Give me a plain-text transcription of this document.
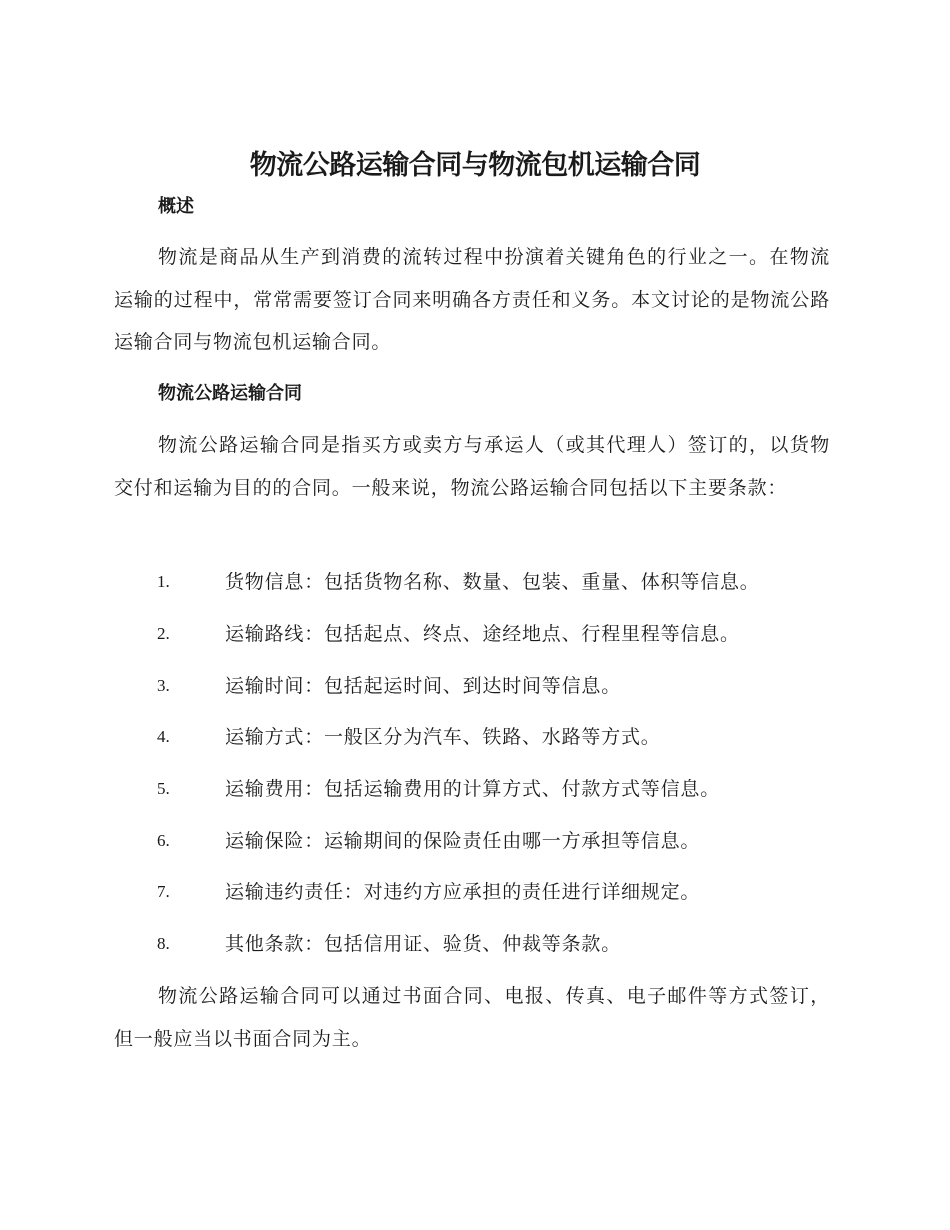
物流公路运输合同与物流包机运输合同
概述

物流是商品从生产到消费的流转过程中扮演着关键角色的行业之一。在物流运输的过程中，常常需要签订合同来明确各方责任和义务。本文讨论的是物流公路运输合同与物流包机运输合同。

物流公路运输合同

物流公路运输合同是指买方或卖方与承运人（或其代理人）签订的，以货物交付和运输为目的的合同。一般来说，物流公路运输合同包括以下主要条款：

1.	货物信息：包括货物名称、数量、包装、重量、体积等信息。
2.	运输路线：包括起点、终点、途经地点、行程里程等信息。
3.	运输时间：包括起运时间、到达时间等信息。
4.	运输方式：一般区分为汽车、铁路、水路等方式。
5.	运输费用：包括运输费用的计算方式、付款方式等信息。
6.	运输保险：运输期间的保险责任由哪一方承担等信息。
7.	运输违约责任：对违约方应承担的责任进行详细规定。
8.	其他条款：包括信用证、验货、仲裁等条款。

物流公路运输合同可以通过书面合同、电报、传真、电子邮件等方式签订，但一般应当以书面合同为主。
